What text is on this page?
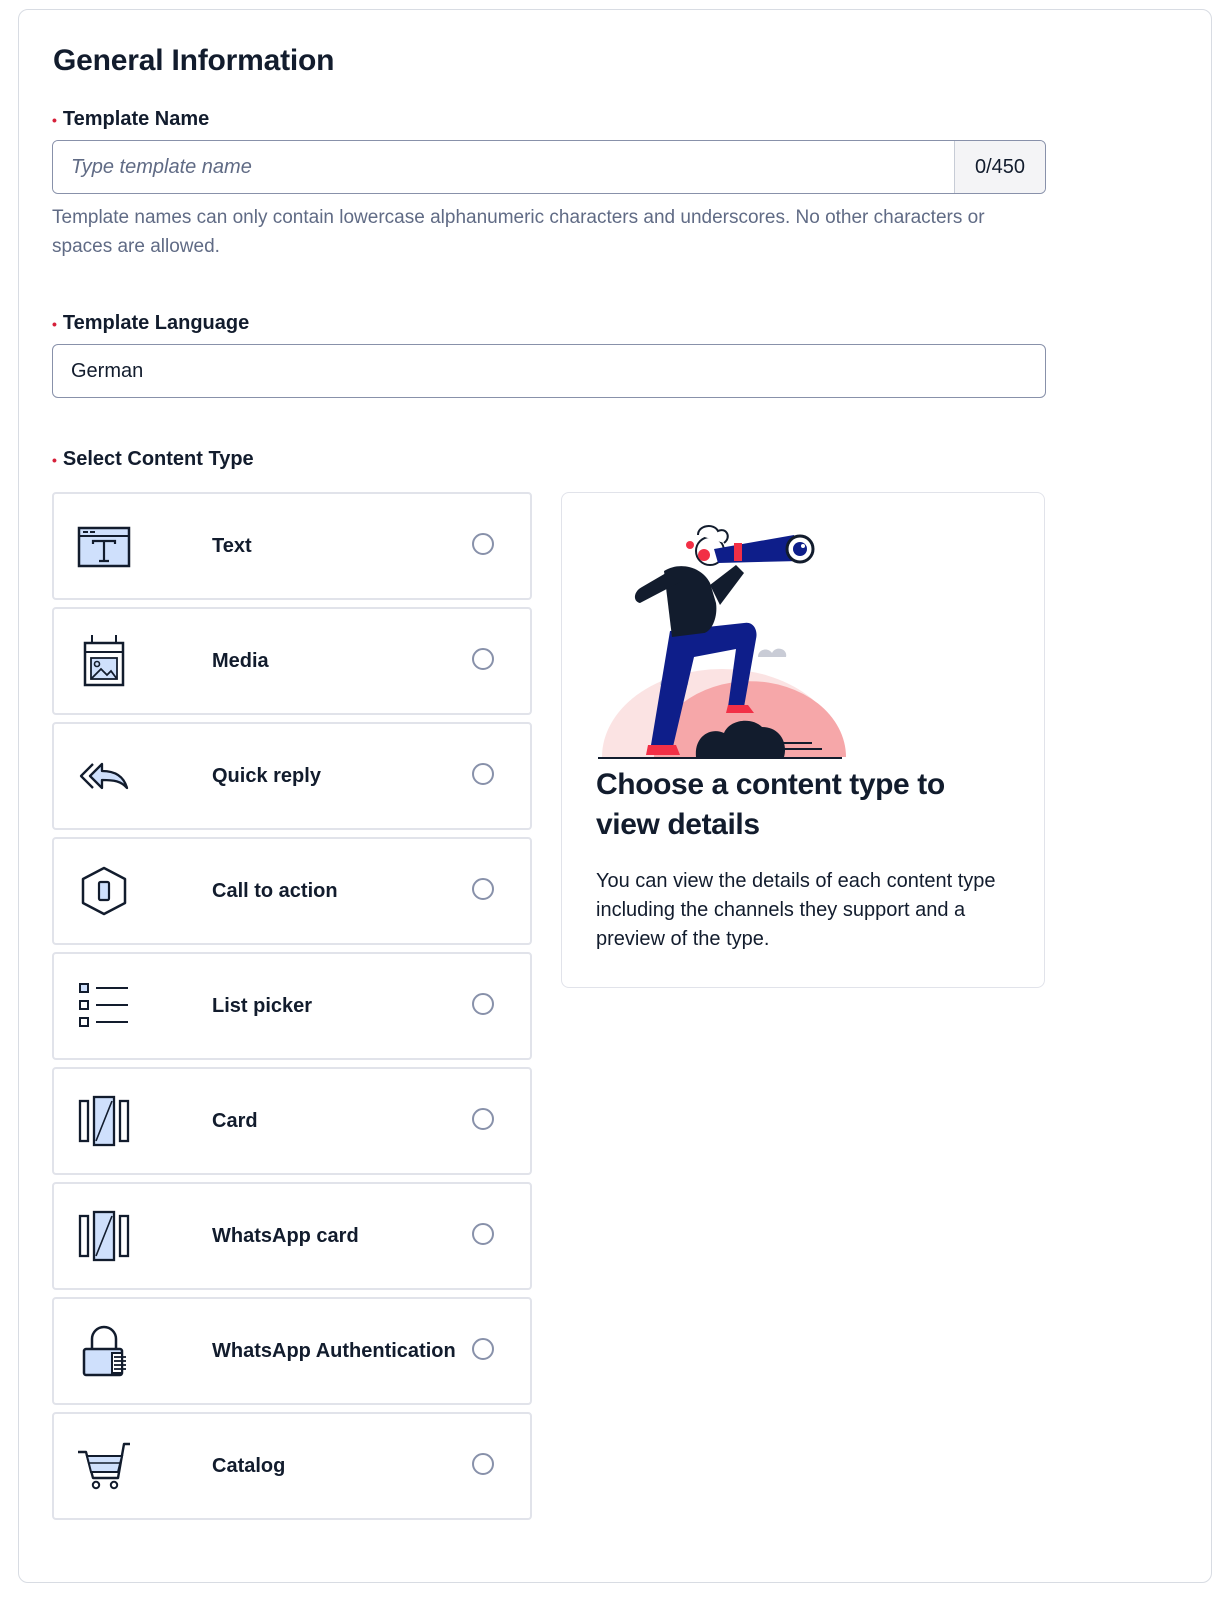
General Information
• Template Name
Type template name
0/450

Template names can only contain lowercase alphanumeric characters and underscores. No other characters or spaces are allowed.

• Template Language
German
• Select Content Type
Text
Media
Quick reply
Call to action
List picker
Card
WhatsApp card
WhatsApp Authentication
Catalog
Choose a content type to view details

You can view the details of each content type including the channels they support and a preview of the type.
